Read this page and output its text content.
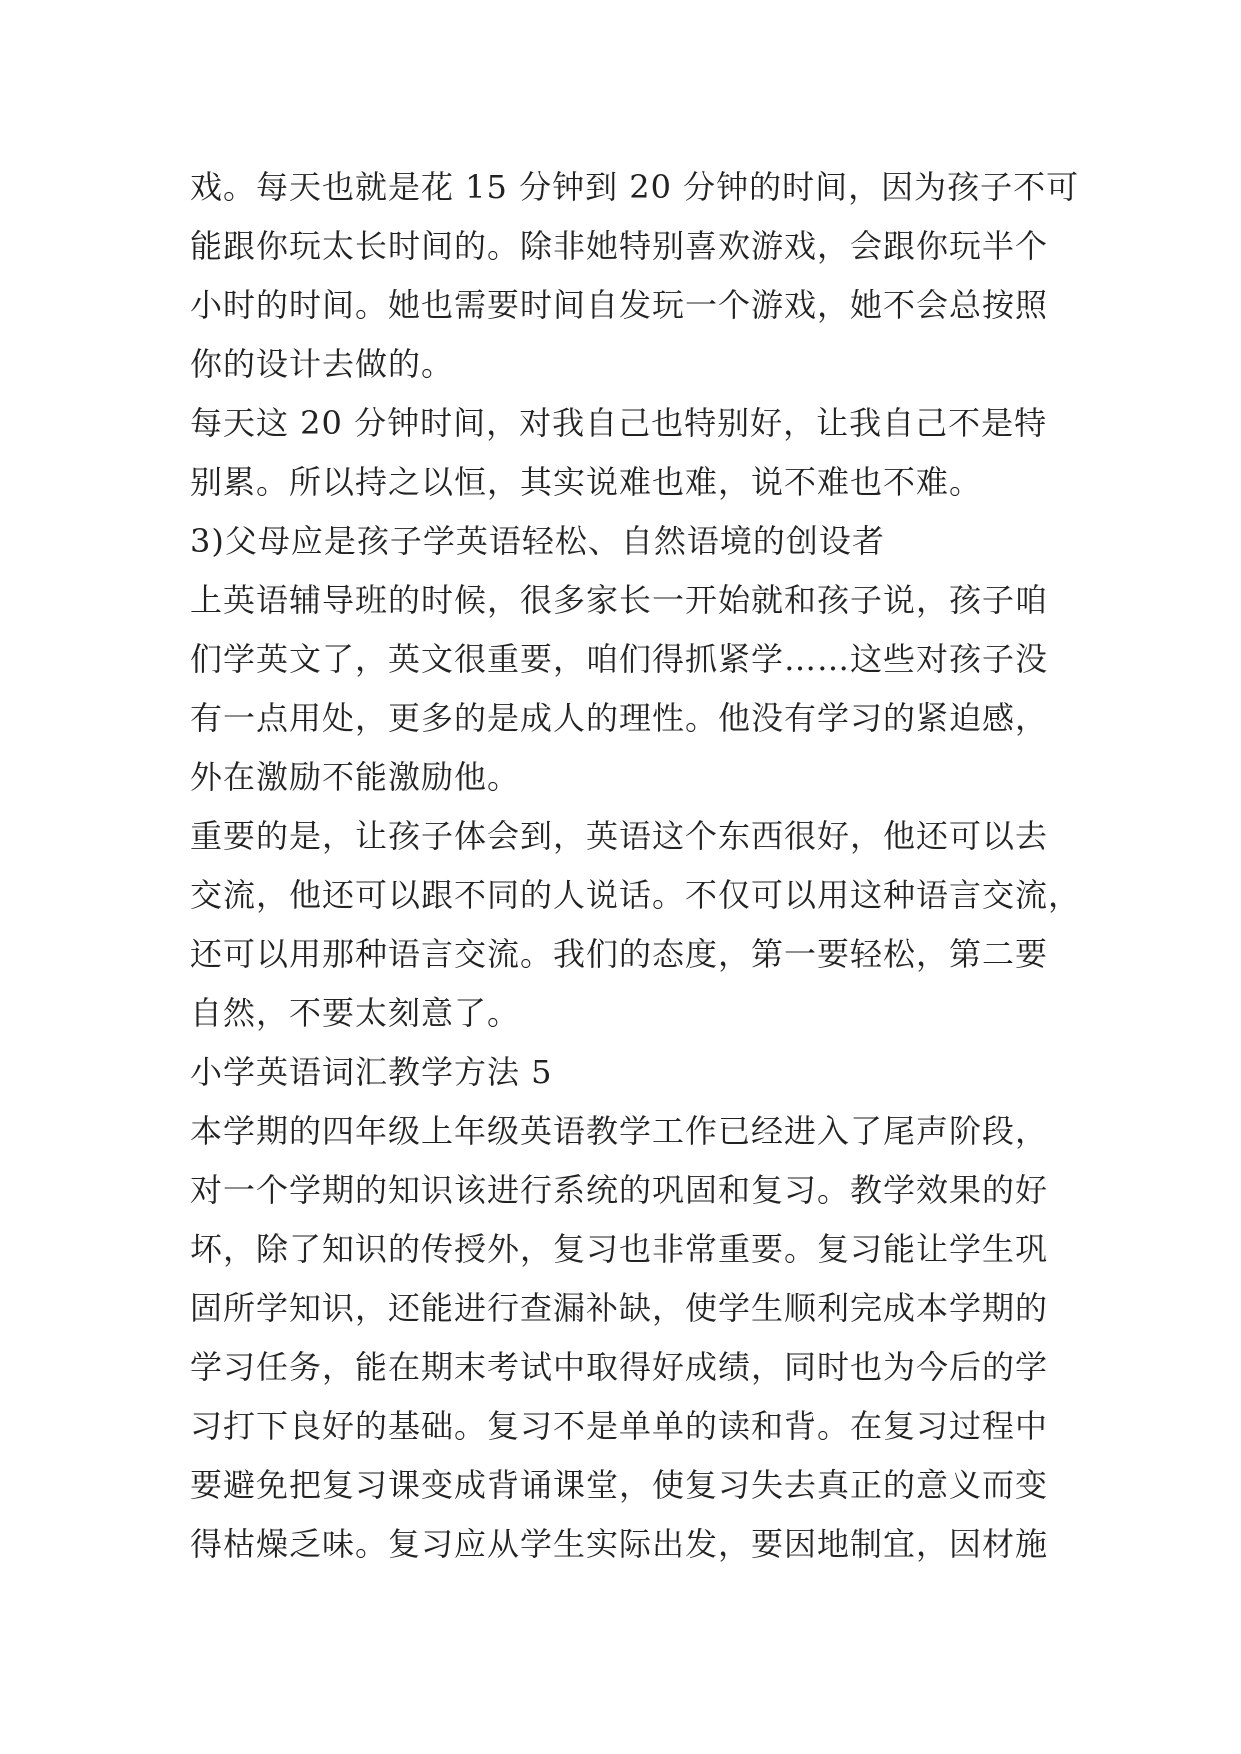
戏。每天也就是花 15 分钟到 20 分钟的时间，因为孩子不可
能跟你玩太长时间的。除非她特别喜欢游戏，会跟你玩半个
小时的时间。她也需要时间自发玩一个游戏，她不会总按照
你的设计去做的。
每天这 20 分钟时间，对我自己也特别好，让我自己不是特
别累。所以持之以恒，其实说难也难，说不难也不难。
3)父母应是孩子学英语轻松、自然语境的创设者
上英语辅导班的时候，很多家长一开始就和孩子说，孩子咱
们学英文了，英文很重要，咱们得抓紧学……这些对孩子没
有一点用处，更多的是成人的理性。他没有学习的紧迫感，
外在激励不能激励他。
重要的是，让孩子体会到，英语这个东西很好，他还可以去
交流，他还可以跟不同的人说话。不仅可以用这种语言交流，
还可以用那种语言交流。我们的态度，第一要轻松，第二要
自然，不要太刻意了。
小学英语词汇教学方法 5
本学期的四年级上年级英语教学工作已经进入了尾声阶段，
对一个学期的知识该进行系统的巩固和复习。教学效果的好
坏，除了知识的传授外，复习也非常重要。复习能让学生巩
固所学知识，还能进行查漏补缺，使学生顺利完成本学期的
学习任务，能在期末考试中取得好成绩，同时也为今后的学
习打下良好的基础。复习不是单单的读和背。在复习过程中
要避免把复习课变成背诵课堂，使复习失去真正的意义而变
得枯燥乏味。复习应从学生实际出发，要因地制宜，因材施
